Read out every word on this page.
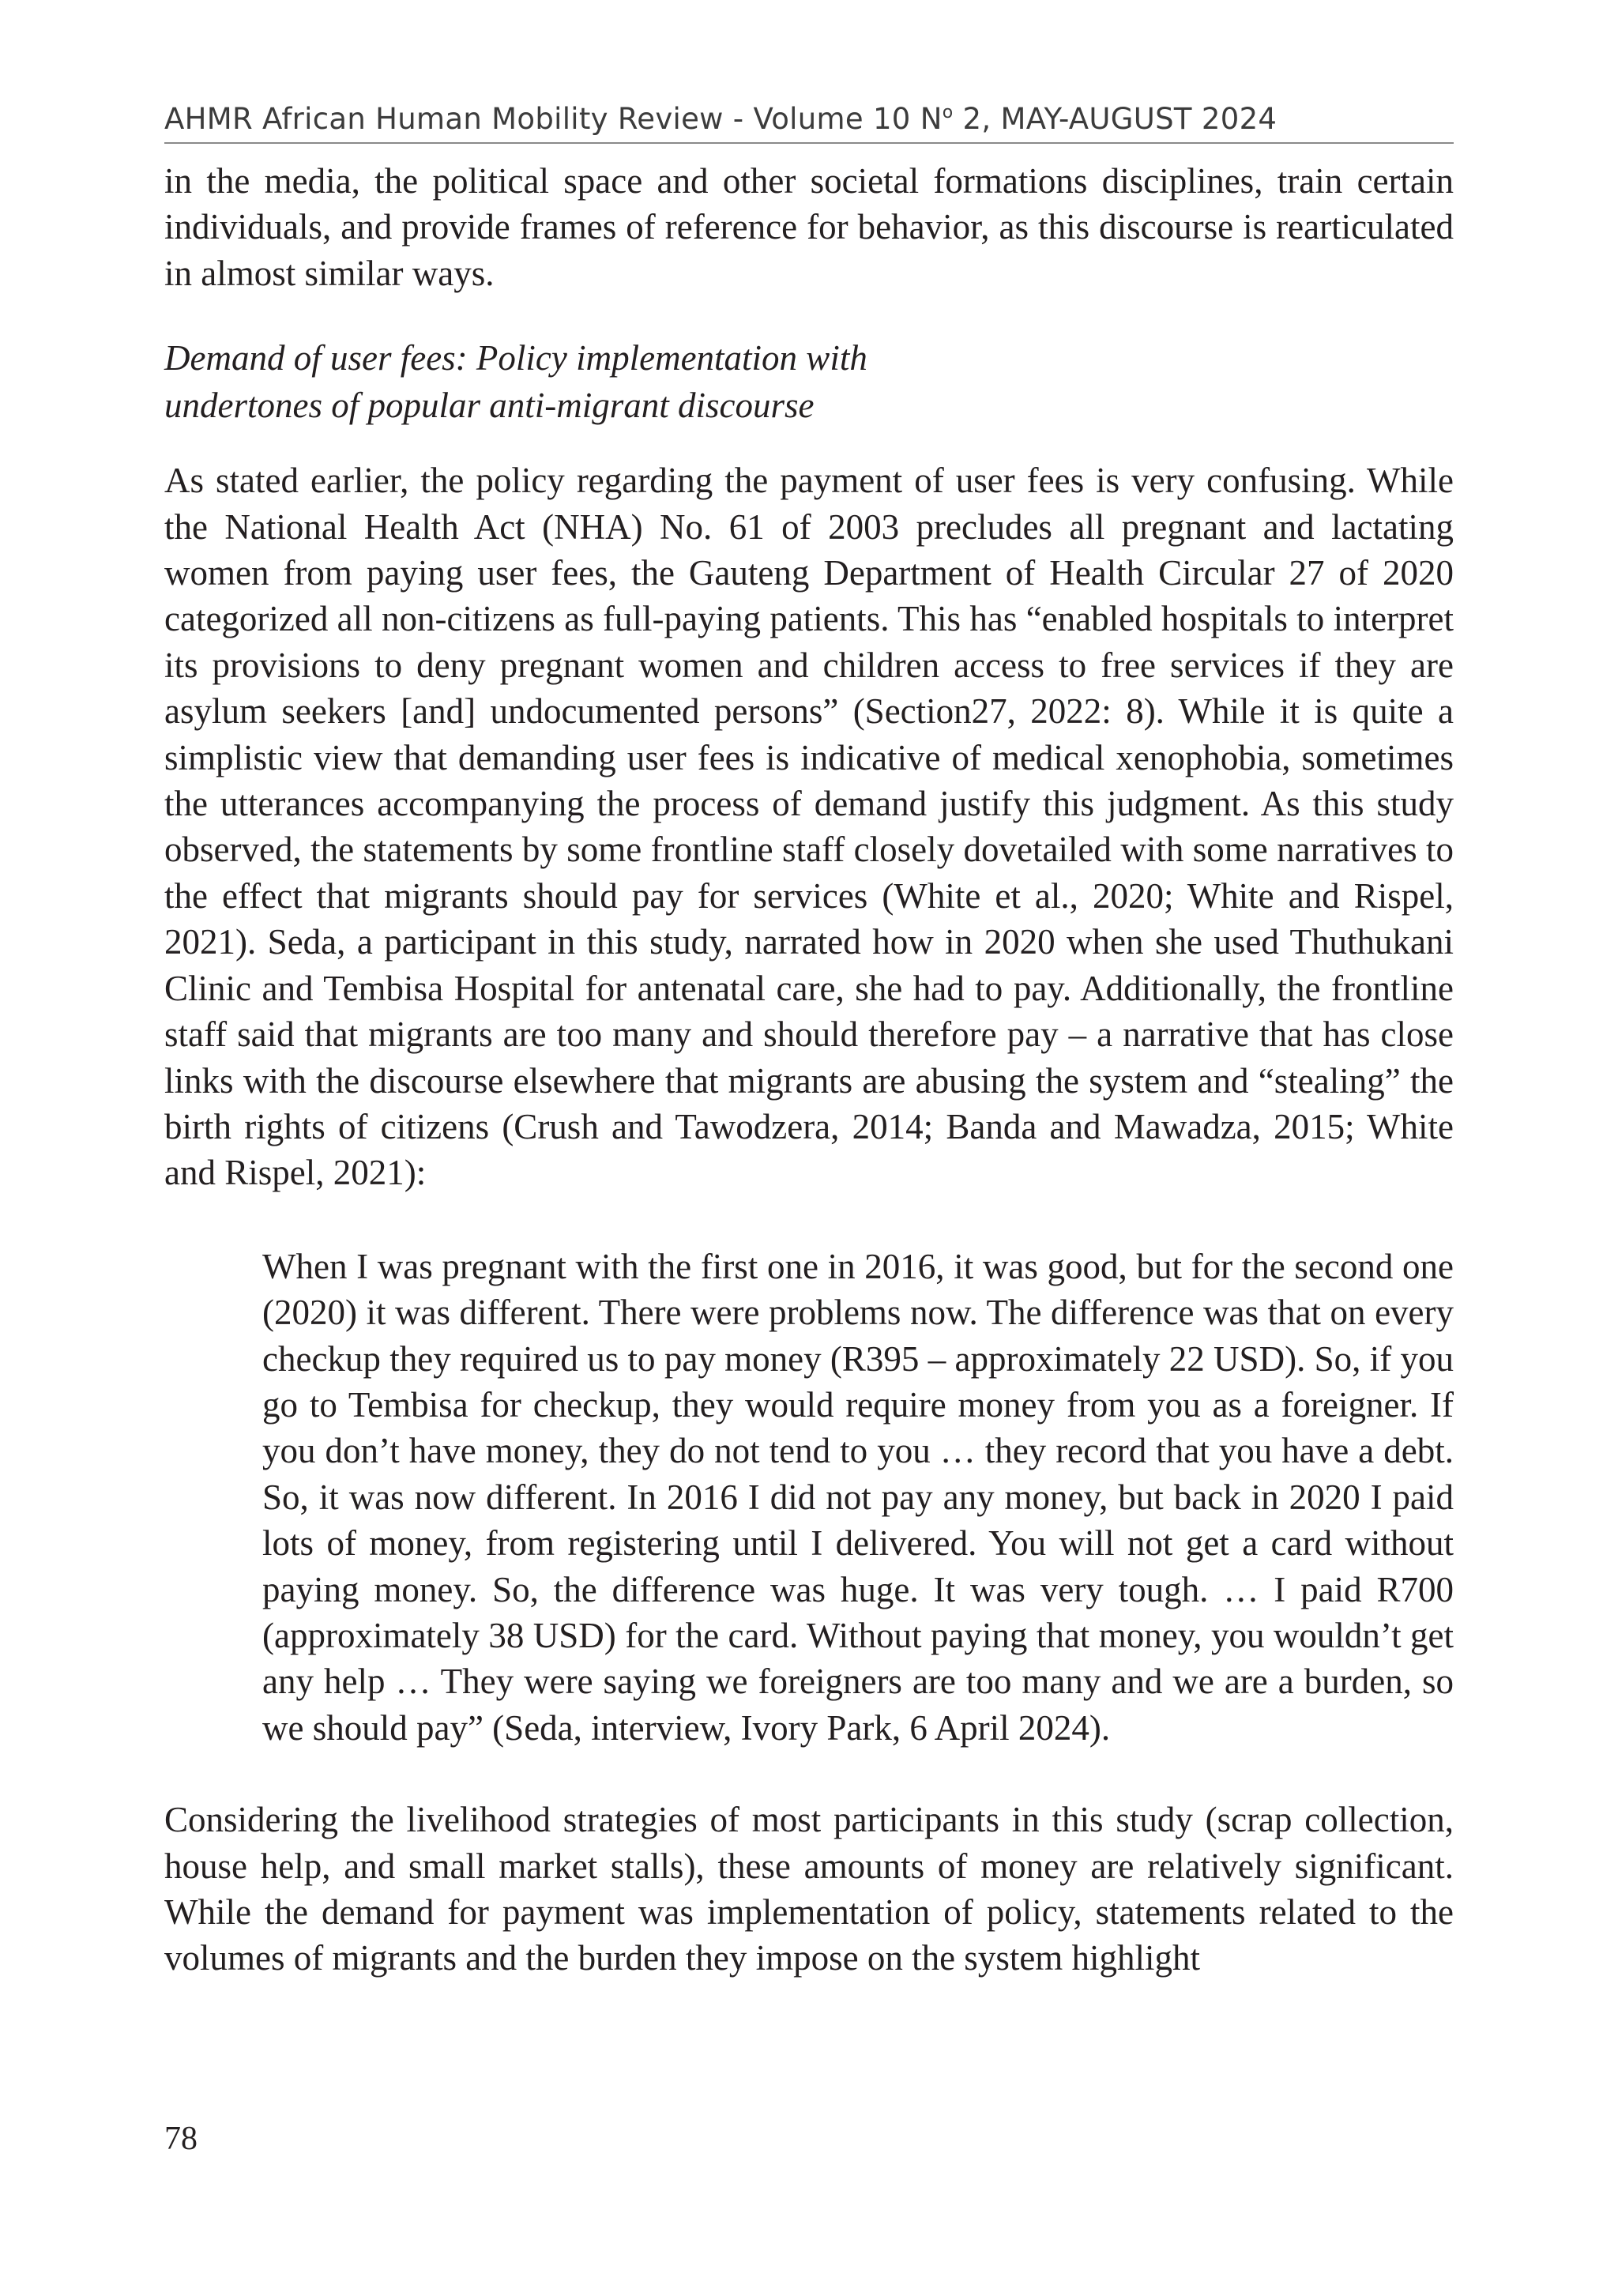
AHMR African Human Mobility Review - Volume 10 $N^o$ 2, MAY-AUGUST 2024

in the media, the political space and other societal formations disciplines, train certain individuals, and provide frames of reference for behavior, as this discourse is rearticulated in almost similar ways.

Demand of user fees: Policy implementation with
undertones of popular anti-migrant discourse

As stated earlier, the policy regarding the payment of user fees is very confusing. While the National Health Act (NHA) No. 61 of 2003 precludes all pregnant and lactating women from paying user fees, the Gauteng Department of Health Circular 27 of 2020 categorized all non-citizens as full-paying patients. This has “enabled hospitals to interpret its provisions to deny pregnant women and children access to free services if they are asylum seekers [and] undocumented persons” (Section27, 2022: 8). While it is quite a simplistic view that demanding user fees is indicative of medical xenophobia, sometimes the utterances accompanying the process of demand justify this judgment. As this study observed, the statements by some frontline staff closely dovetailed with some narratives to the effect that migrants should pay for services (White et al., 2020; White and Rispel, 2021). Seda, a participant in this study, narrated how in 2020 when she used Thuthukani Clinic and Tembisa Hospital for antenatal care, she had to pay. Additionally, the frontline staff said that migrants are too many and should therefore pay – a narrative that has close links with the discourse elsewhere that migrants are abusing the system and “stealing” the birth rights of citizens (Crush and Tawodzera, 2014; Banda and Mawadza, 2015; White and Rispel, 2021):

When I was pregnant with the first one in 2016, it was good, but for the second one (2020) it was different. There were problems now. The difference was that on every checkup they required us to pay money (R395 – approximately 22 USD). So, if you go to Tembisa for checkup, they would require money from you as a foreigner. If you don’t have money, they do not tend to you … they record that you have a debt. So, it was now different. In 2016 I did not pay any money, but back in 2020 I paid lots of money, from registering until I delivered. You will not get a card without paying money. So, the difference was huge. It was very tough. … I paid R700 (approximately 38 USD) for the card. Without paying that money, you wouldn’t get any help … They were saying we foreigners are too many and we are a burden, so we should pay” (Seda, interview, Ivory Park, 6 April 2024).

Considering the livelihood strategies of most participants in this study (scrap collection, house help, and small market stalls), these amounts of money are relatively significant. While the demand for payment was implementation of policy, statements related to the volumes of migrants and the burden they impose on the system highlight

78
